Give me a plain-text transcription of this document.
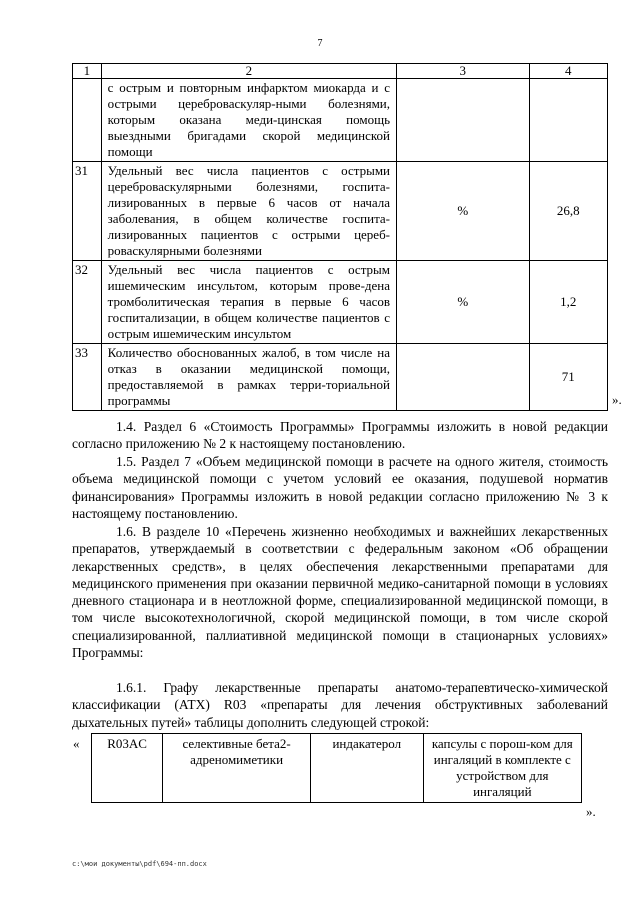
7
1	2	3	4
	с острым и повторным инфарктом миокарда и с острыми цереброваскуляр-ными болезнями, которым оказана меди-цинская помощь выездными бригадами скорой медицинской помощи		
31	Удельный вес числа пациентов с острыми цереброваскулярными болезнями, госпита-лизированных в первые 6 часов от начала заболевания, в общем количестве госпита-лизированных пациентов с острыми цереб-роваскулярными болезнями	%	26,8
32	Удельный вес числа пациентов с острым ишемическим инсультом, которым прове-дена тромболитическая терапия в первые 6 часов госпитализации, в общем количестве пациентов с острым ишемическим инсультом	%	1,2
33	Количество обоснованных жалоб, в том числе на отказ в оказании медицинской помощи, предоставляемой в рамках терри-ториальной программы		71
».
1.4. Раздел 6 «Стоимость Программы» Программы изложить в новой редакции согласно приложению № 2 к настоящему постановлению.
1.5. Раздел 7 «Объем медицинской помощи в расчете на одного жителя, стоимость объема медицинской помощи с учетом условий ее оказания, подушевой норматив финансирования» Программы изложить в новой редакции согласно приложению № 3 к настоящему постановлению.
1.6. В разделе 10 «Перечень жизненно необходимых и важнейших лекарственных препаратов, утверждаемый в соответствии с федеральным законом «Об обращении лекарственных средств», в целях обеспечения лекарственными препаратами для медицинского применения при оказании первичной медико-санитарной помощи в условиях дневного стационара и в неотложной форме, специализированной медицинской помощи, в том числе высокотехнологичной, скорой медицинской помощи, в том числе скорой специализированной, паллиативной медицинской помощи в стационарных условиях» Программы:
1.6.1. Графу лекарственные препараты анатомо-терапевтическо-химической классификации (АТХ) R03 «препараты для лечения обструктивных заболеваний дыхательных путей» таблицы дополнить следующей строкой:
« R03AC	селективные бета2-адреномиметики	индакатерол	капсулы с порош-ком для ингаляций в комплекте с устройством для ингаляций
».
c:\мои документы\pdf\694-пп.docx
